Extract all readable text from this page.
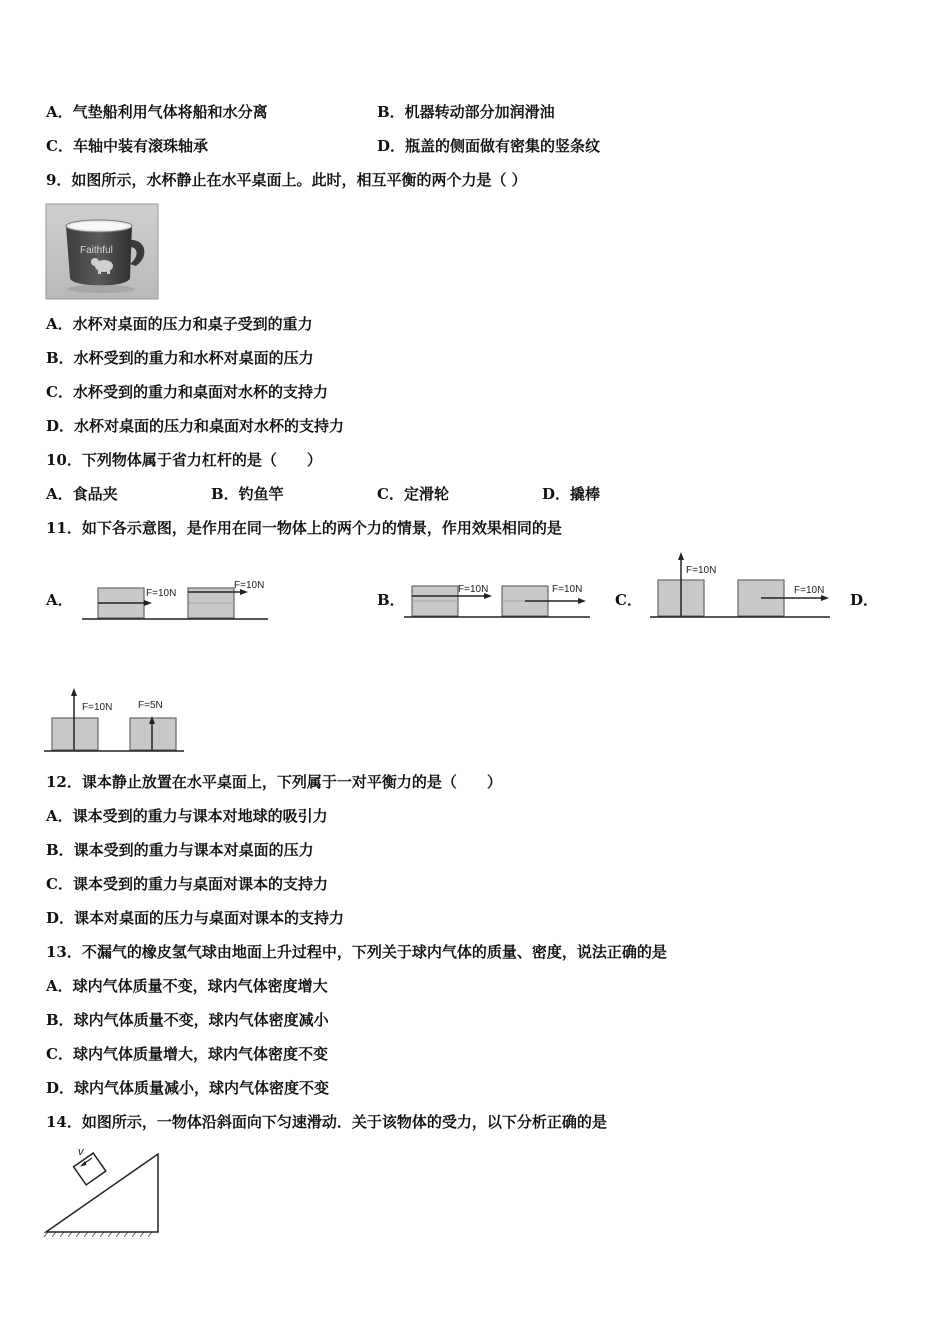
A．气垫船利用气体将船和水分离	B．机器转动部分加润滑油
C．车轴中装有滚珠轴承	D．瓶盖的侧面做有密集的竖条纹
9．如图所示，水杯静止在水平桌面上。此时，相互平衡的两个力是（ ）
Faithful
A．水杯对桌面的压力和桌子受到的重力
B．水杯受到的重力和水杯对桌面的压力
C．水杯受到的重力和桌面对水杯的支持力
D．水杯对桌面的压力和桌面对水杯的支持力
10．下列物体属于省力杠杆的是（　　）
A．食品夹	B．钓鱼竿	C．定滑轮	D．撬棒
11．如下各示意图，是作用在同一物体上的两个力的情景，作用效果相同的是
A．	B．	C．	D．
F=10N
F=10N	F=10N	F=10N
F=10N
F=10N
F=10N	F=5N
12．课本静止放置在水平桌面上，下列属于一对平衡力的是（　　）
A．课本受到的重力与课本对地球的吸引力
B．课本受到的重力与课本对桌面的压力
C．课本受到的重力与桌面对课本的支持力
D．课本对桌面的压力与桌面对课本的支持力
13．不漏气的橡皮氢气球由地面上升过程中，下列关于球内气体的质量、密度，说法正确的是
A．球内气体质量不变，球内气体密度增大
B．球内气体质量不变，球内气体密度减小
C．球内气体质量增大，球内气体密度不变
D．球内气体质量减小，球内气体密度不变
14．如图所示，一物体沿斜面向下匀速滑动．关于该物体的受力，以下分析正确的是
v
